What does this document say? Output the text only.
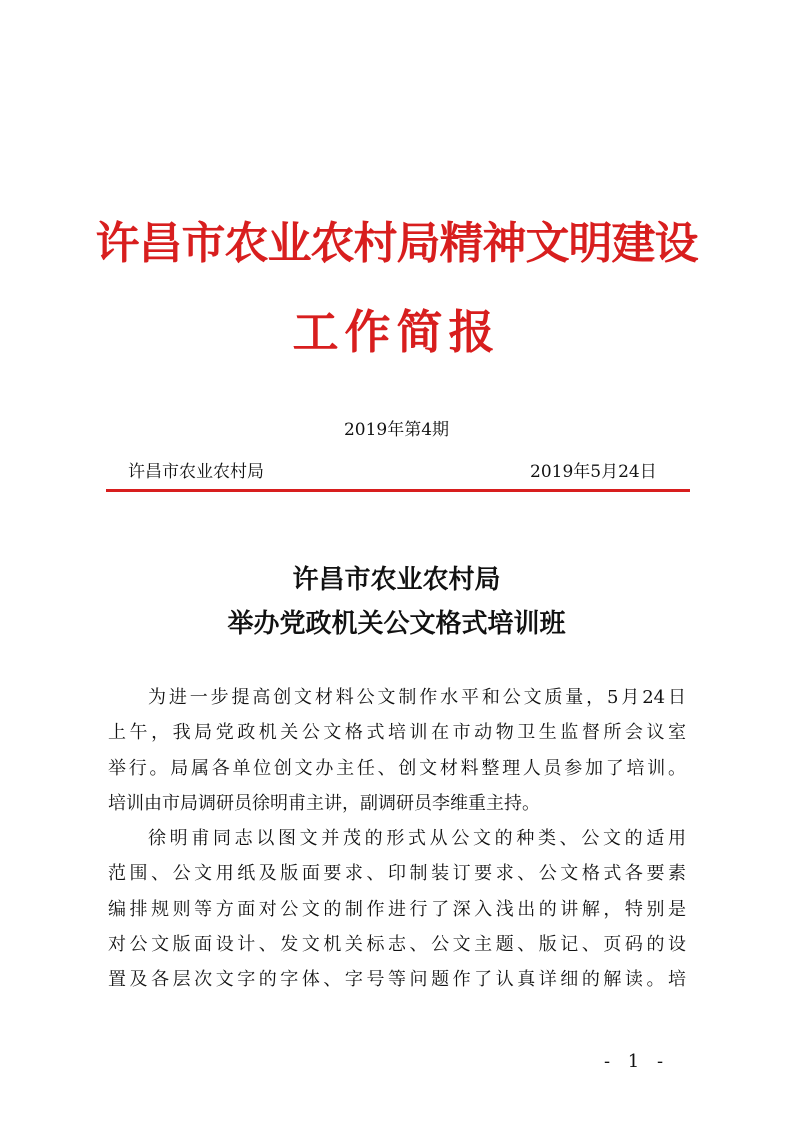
许昌市农业农村局精神文明建设
工作简报
2019年第4期
许昌市农业农村局	2019年5月24日
许昌市农业农村局
举办党政机关公文格式培训班
为进一步提高创文材料公文制作水平和公文质量，5月24日
上午，我局党政机关公文格式培训在市动物卫生监督所会议室
举行。局属各单位创文办主任、创文材料整理人员参加了培训。
培训由市局调研员徐明甫主讲，副调研员李维重主持。
徐明甫同志以图文并茂的形式从公文的种类、公文的适用
范围、公文用纸及版面要求、印制装订要求、公文格式各要素
编排规则等方面对公文的制作进行了深入浅出的讲解，特别是
对公文版面设计、发文机关标志、公文主题、版记、页码的设
置及各层次文字的字体、字号等问题作了认真详细的解读。培
- 1 -
